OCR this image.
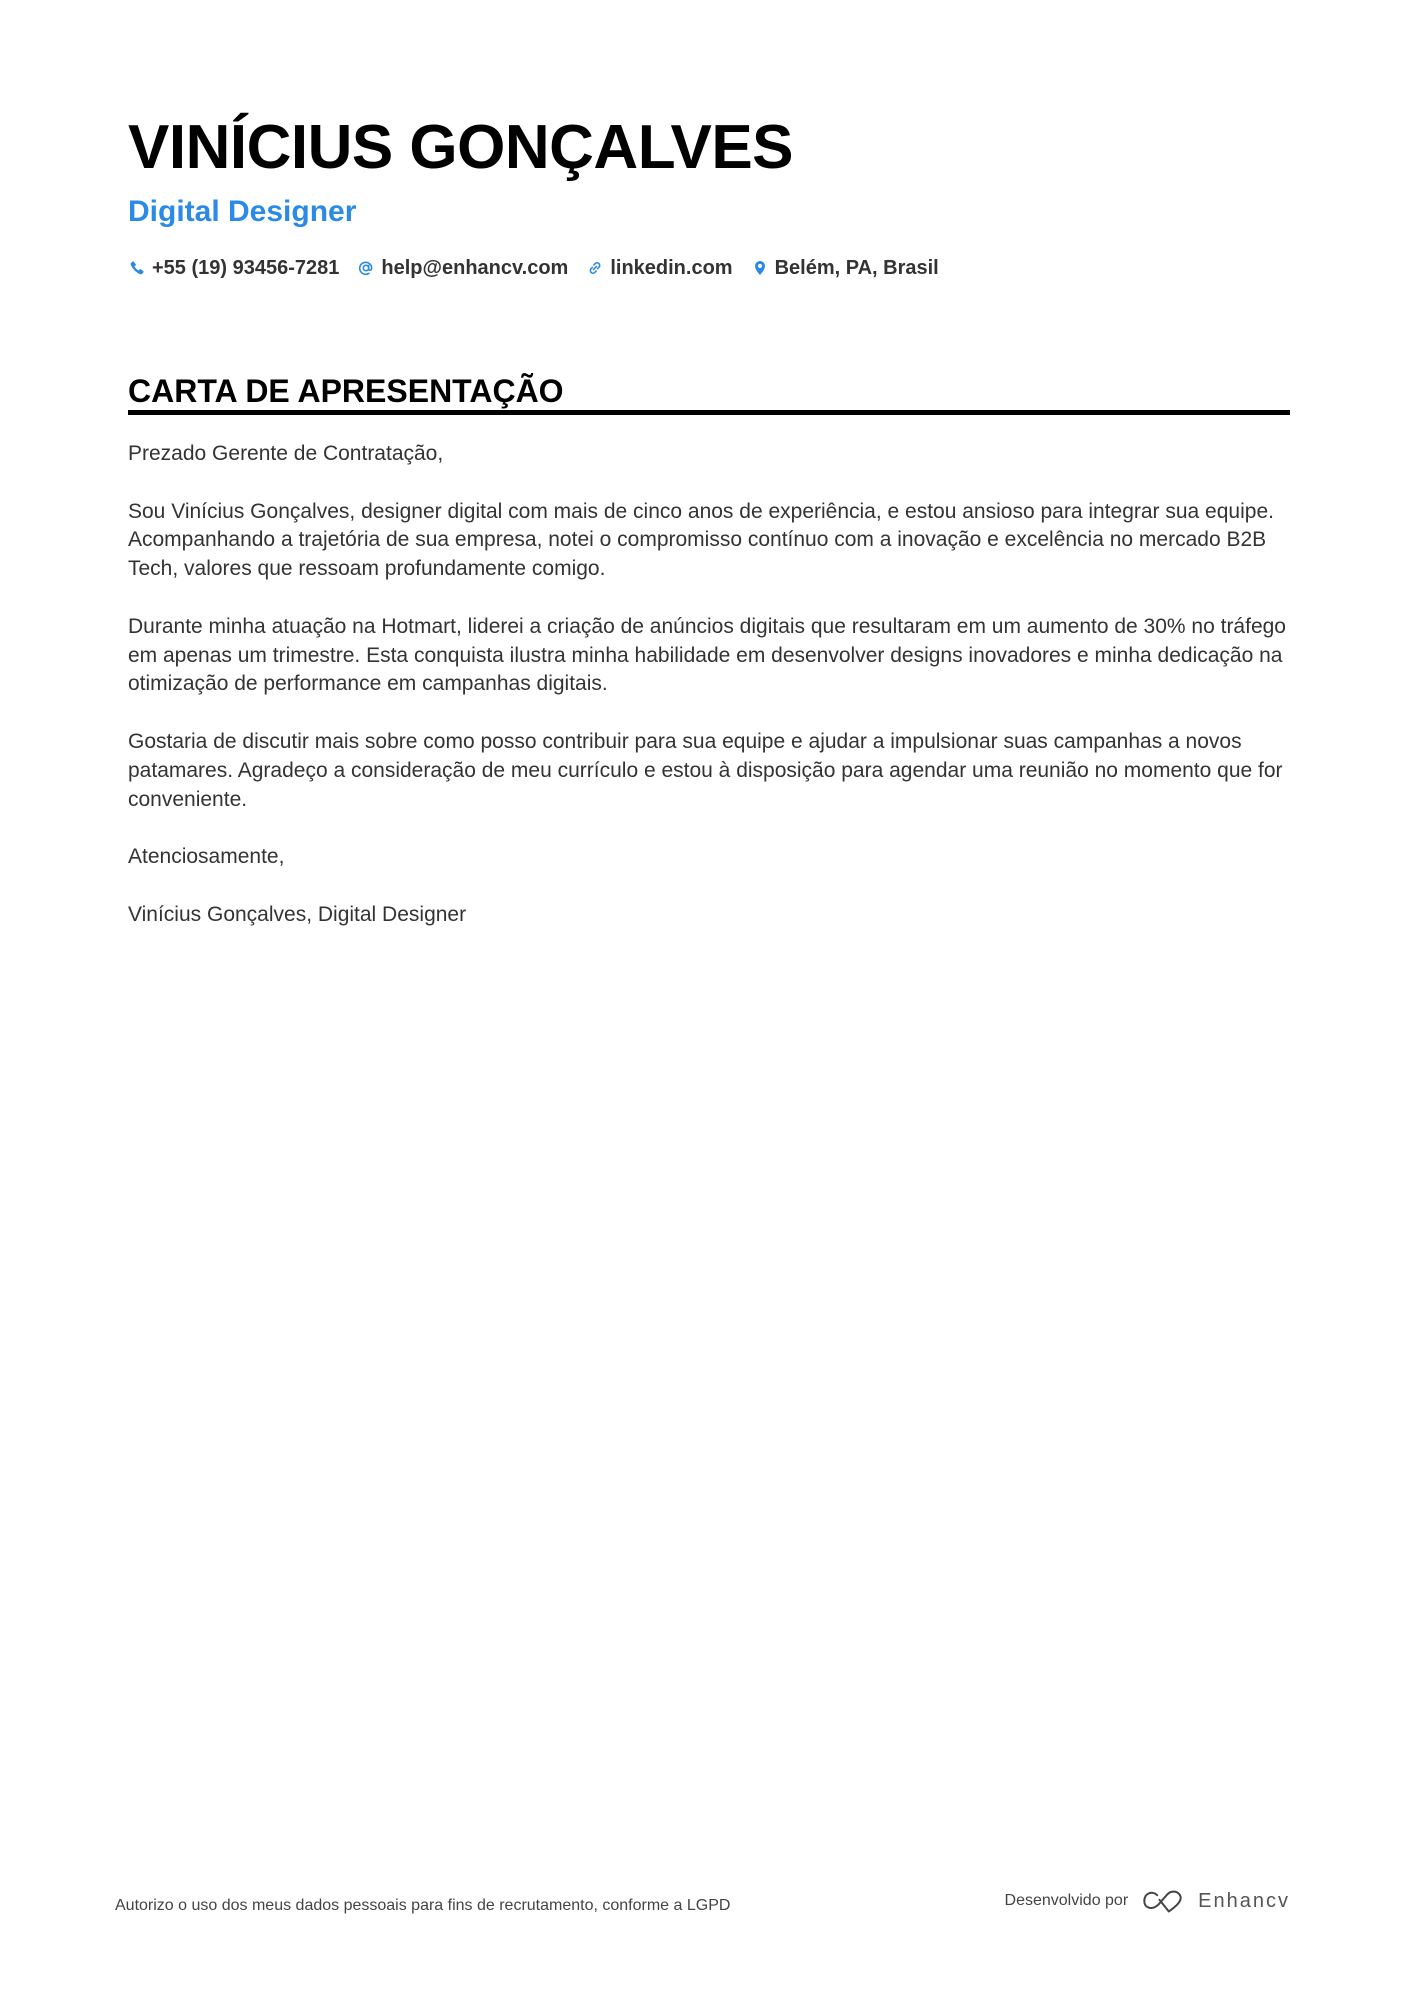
VINÍCIUS GONÇALVES
Digital Designer
+55 (19) 93456-7281 help@enhancv.com linkedin.com Belém, PA, Brasil
CARTA DE APRESENTAÇÃO

Prezado Gerente de Contratação,

Sou Vinícius Gonçalves, designer digital com mais de cinco anos de experiência, e estou ansioso para integrar sua equipe. Acompanhando a trajetória de sua empresa, notei o compromisso contínuo com a inovação e excelência no mercado B2B Tech, valores que ressoam profundamente comigo.

Durante minha atuação na Hotmart, liderei a criação de anúncios digitais que resultaram em um aumento de 30% no tráfego em apenas um trimestre. Esta conquista ilustra minha habilidade em desenvolver designs inovadores e minha dedicação na otimização de performance em campanhas digitais.

Gostaria de discutir mais sobre como posso contribuir para sua equipe e ajudar a impulsionar suas campanhas a novos patamares. Agradeço a consideração de meu currículo e estou à disposição para agendar uma reunião no momento que for conveniente.

Atenciosamente,

Vinícius Gonçalves, Digital Designer

Autorizo o uso dos meus dados pessoais para fins de recrutamento, conforme a LGPD	Desenvolvido por	Enhancv
